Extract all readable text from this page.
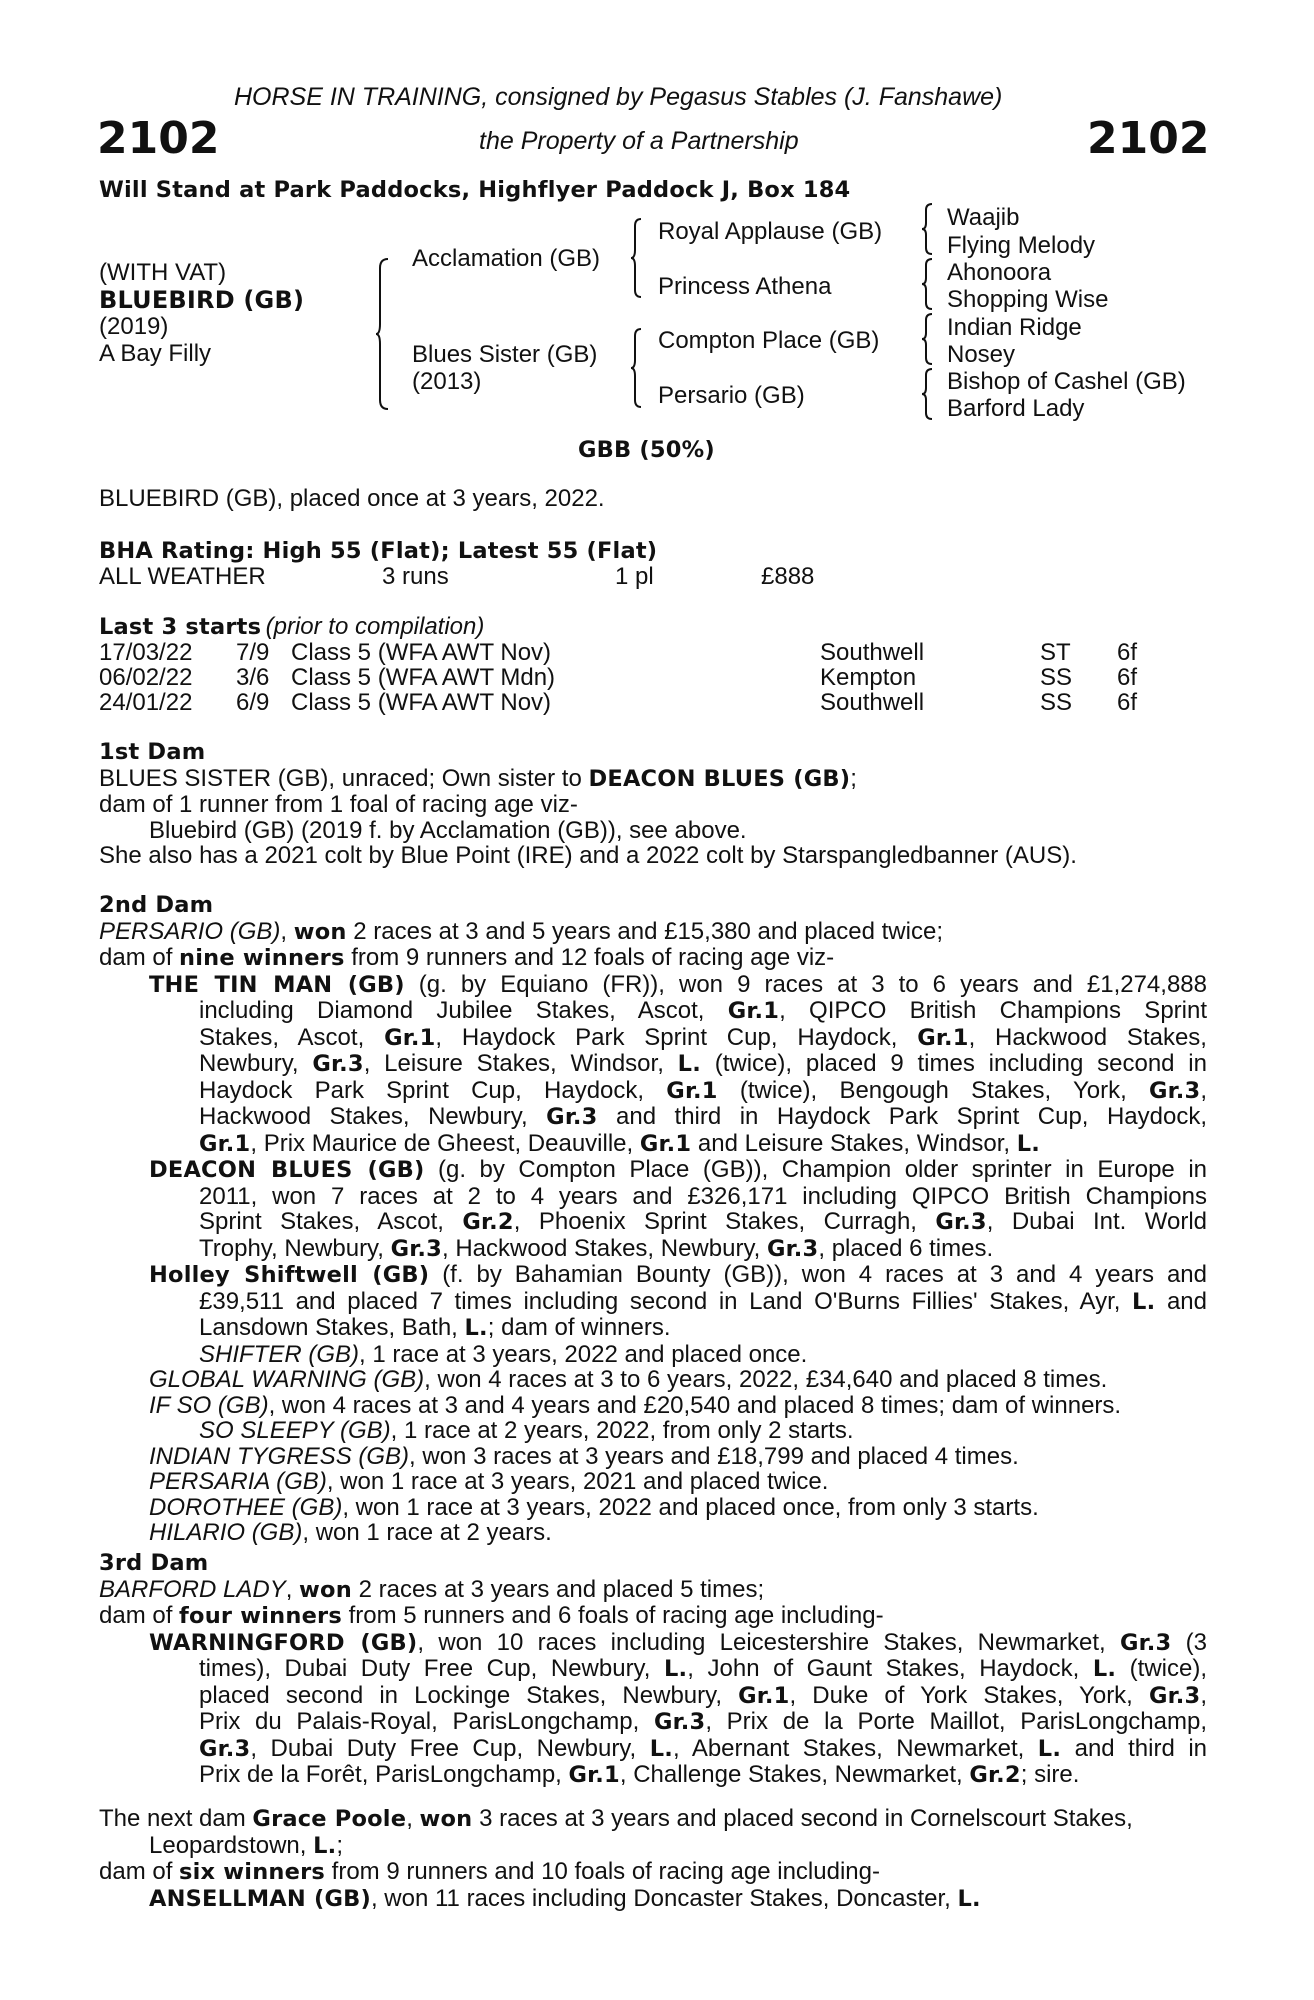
HORSE IN TRAINING, consigned by Pegasus Stables (J. Fanshawe)
2102	the Property of a Partnership	2102
Will Stand at Park Paddocks, Highflyer Paddock J, Box 184
(WITH VAT)
BLUEBIRD (GB)
(2019)
A Bay Filly
Acclamation (GB)
Blues Sister (GB)
(2013)
Royal Applause (GB)
Princess Athena
Compton Place (GB)
Persario (GB)
Waajib
Flying Melody
Ahonoora
Shopping Wise
Indian Ridge
Nosey
Bishop of Cashel (GB)
Barford Lady
GBB (50%)
BLUEBIRD (GB), placed once at 3 years, 2022.
BHA Rating: High 55 (Flat); Latest 55 (Flat)
ALL WEATHER	3 runs	1 pl	£888
Last 3 starts (prior to compilation)
17/03/22 7/9 Class 5 (WFA AWT Nov)	Southwell	ST 6f
06/02/22 3/6 Class 5 (WFA AWT Mdn)	Kempton	SS 6f
24/01/22 6/9 Class 5 (WFA AWT Nov)	Southwell	SS 6f
1st Dam
BLUES SISTER (GB), unraced; Own sister to DEACON BLUES (GB);
dam of 1 runner from 1 foal of racing age viz-
Bluebird (GB) (2019 f. by Acclamation (GB)), see above.
She also has a 2021 colt by Blue Point (IRE) and a 2022 colt by Starspangledbanner (AUS).
2nd Dam
PERSARIO (GB), won 2 races at 3 and 5 years and £15,380 and placed twice;
dam of nine winners from 9 runners and 12 foals of racing age viz-
THE TIN MAN (GB) (g. by Equiano (FR)), won 9 races at 3 to 6 years and £1,274,888
including Diamond Jubilee Stakes, Ascot, Gr.1, QIPCO British Champions Sprint
Stakes, Ascot, Gr.1, Haydock Park Sprint Cup, Haydock, Gr.1, Hackwood Stakes,
Newbury, Gr.3, Leisure Stakes, Windsor, L. (twice), placed 9 times including second in
Haydock Park Sprint Cup, Haydock, Gr.1 (twice), Bengough Stakes, York, Gr.3,
Hackwood Stakes, Newbury, Gr.3 and third in Haydock Park Sprint Cup, Haydock,
Gr.1, Prix Maurice de Gheest, Deauville, Gr.1 and Leisure Stakes, Windsor, L.
DEACON BLUES (GB) (g. by Compton Place (GB)), Champion older sprinter in Europe in
2011, won 7 races at 2 to 4 years and £326,171 including QIPCO British Champions
Sprint Stakes, Ascot, Gr.2, Phoenix Sprint Stakes, Curragh, Gr.3, Dubai Int. World
Trophy, Newbury, Gr.3, Hackwood Stakes, Newbury, Gr.3, placed 6 times.
Holley Shiftwell (GB) (f. by Bahamian Bounty (GB)), won 4 races at 3 and 4 years and
£39,511 and placed 7 times including second in Land O'Burns Fillies' Stakes, Ayr, L. and
Lansdown Stakes, Bath, L.; dam of winners.
SHIFTER (GB), 1 race at 3 years, 2022 and placed once.
GLOBAL WARNING (GB), won 4 races at 3 to 6 years, 2022, £34,640 and placed 8 times.
IF SO (GB), won 4 races at 3 and 4 years and £20,540 and placed 8 times; dam of winners.
SO SLEEPY (GB), 1 race at 2 years, 2022, from only 2 starts.
INDIAN TYGRESS (GB), won 3 races at 3 years and £18,799 and placed 4 times.
PERSARIA (GB), won 1 race at 3 years, 2021 and placed twice.
DOROTHEE (GB), won 1 race at 3 years, 2022 and placed once, from only 3 starts.
HILARIO (GB), won 1 race at 2 years.
3rd Dam
BARFORD LADY, won 2 races at 3 years and placed 5 times;
dam of four winners from 5 runners and 6 foals of racing age including-
WARNINGFORD (GB), won 10 races including Leicestershire Stakes, Newmarket, Gr.3 (3
times), Dubai Duty Free Cup, Newbury, L., John of Gaunt Stakes, Haydock, L. (twice),
placed second in Lockinge Stakes, Newbury, Gr.1, Duke of York Stakes, York, Gr.3,
Prix du Palais-Royal, ParisLongchamp, Gr.3, Prix de la Porte Maillot, ParisLongchamp,
Gr.3, Dubai Duty Free Cup, Newbury, L., Abernant Stakes, Newmarket, L. and third in
Prix de la Forêt, ParisLongchamp, Gr.1, Challenge Stakes, Newmarket, Gr.2; sire.
The next dam Grace Poole, won 3 races at 3 years and placed second in Cornelscourt Stakes,
Leopardstown, L.;
dam of six winners from 9 runners and 10 foals of racing age including-
ANSELLMAN (GB), won 11 races including Doncaster Stakes, Doncaster, L.
